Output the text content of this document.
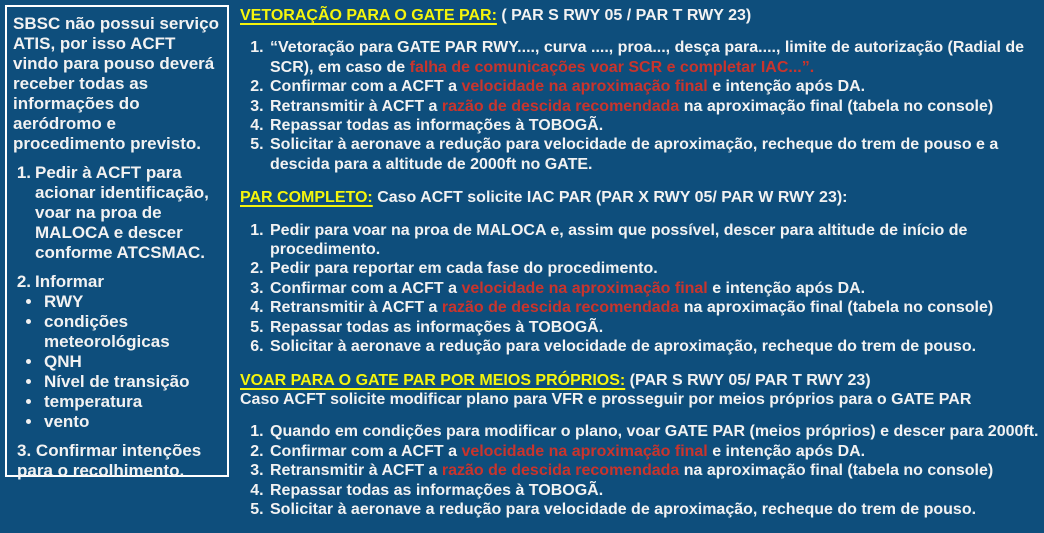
SBSC não possui serviço ATIS, por isso ACFT vindo para pouso deverá receber todas as informações do aeródromo e procedimento previsto.

1. Pedir à ACFT para acionar identificação, voar na proa de MALOCA e descer conforme ATCSMAC.
2. Informar
• RWY
• condições meteorológicas
• QNH
• Nível de transição
• temperatura
• vento

3. Confirmar intenções para o recolhimento.

VETORAÇÃO PARA O GATE PAR: ( PAR S RWY 05 / PAR T RWY 23)
1. “Vetoração para GATE PAR RWY...., curva ...., proa..., desça para...., limite de autorização (Radial de SCR), em caso de falha de comunicações voar SCR e completar IAC...”.
2. Confirmar com a ACFT a velocidade na aproximação final e intenção após DA.
3. Retransmitir à ACFT a razão de descida recomendada na aproximação final (tabela no console)
4. Repassar todas as informações à TOBOGÃ.
5. Solicitar à aeronave a redução para velocidade de aproximação, recheque do trem de pouso e a descida para a altitude de 2000ft no GATE.
PAR COMPLETO: Caso ACFT solicite IAC PAR (PAR X RWY 05/ PAR W RWY 23):
1. Pedir para voar na proa de MALOCA e, assim que possível, descer para altitude de início de procedimento.
2. Pedir para reportar em cada fase do procedimento.
3. Confirmar com a ACFT a velocidade na aproximação final e intenção após DA.
4. Retransmitir à ACFT a razão de descida recomendada na aproximação final (tabela no console)
5. Repassar todas as informações à TOBOGÃ.
6. Solicitar à aeronave a redução para velocidade de aproximação, recheque do trem de pouso.
VOAR PARA O GATE PAR POR MEIOS PRÓPRIOS: (PAR S RWY 05/ PAR T RWY 23)

Caso ACFT solicite modificar plano para VFR e prosseguir por meios próprios para o GATE PAR

1. Quando em condições para modificar o plano, voar GATE PAR (meios próprios) e descer para 2000ft.
2. Confirmar com a ACFT a velocidade na aproximação final e intenção após DA.
3. Retransmitir à ACFT a razão de descida recomendada na aproximação final (tabela no console)
4. Repassar todas as informações à TOBOGÃ.
5. Solicitar à aeronave a redução para velocidade de aproximação, recheque do trem de pouso.
